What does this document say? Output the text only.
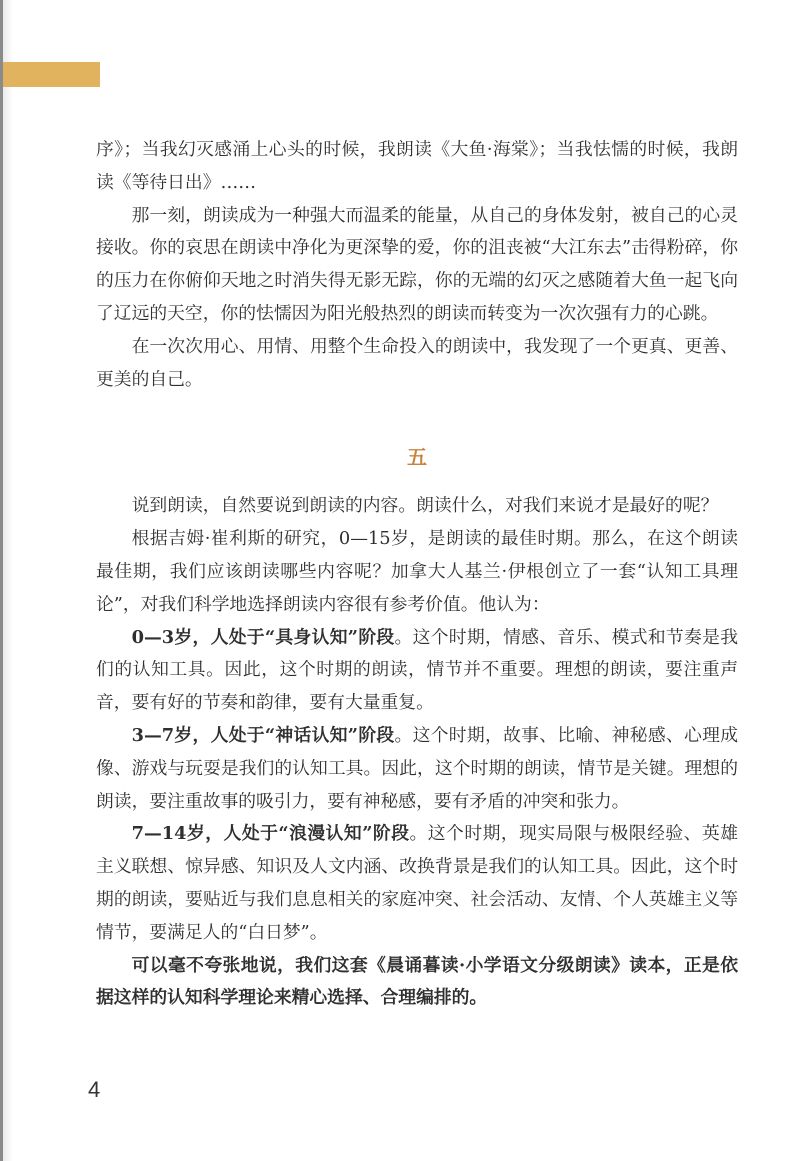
序》；当我幻灭感涌上心头的时候，我朗读《大鱼·海棠》；当我怯懦的时候，我朗读《等待日出》……

那一刻，朗读成为一种强大而温柔的能量，从自己的身体发射，被自己的心灵接收。你的哀思在朗读中净化为更深挚的爱，你的沮丧被“大江东去”击得粉碎，你的压力在你俯仰天地之时消失得无影无踪，你的无端的幻灭之感随着大鱼一起飞向了辽远的天空，你的怯懦因为阳光般热烈的朗读而转变为一次次强有力的心跳。

在一次次用心、用情、用整个生命投入的朗读中，我发现了一个更真、更善、更美的自己。

五

说到朗读，自然要说到朗读的内容。朗读什么，对我们来说才是最好的呢？

根据吉姆·崔利斯的研究，0—15岁，是朗读的最佳时期。那么，在这个朗读最佳期，我们应该朗读哪些内容呢？加拿大人基兰·伊根创立了一套“认知工具理论”，对我们科学地选择朗读内容很有参考价值。他认为：

0—3岁，人处于“具身认知”阶段。这个时期，情感、音乐、模式和节奏是我们的认知工具。因此，这个时期的朗读，情节并不重要。理想的朗读，要注重声音，要有好的节奏和韵律，要有大量重复。

3—7岁，人处于“神话认知”阶段。这个时期，故事、比喻、神秘感、心理成像、游戏与玩耍是我们的认知工具。因此，这个时期的朗读，情节是关键。理想的朗读，要注重故事的吸引力，要有神秘感，要有矛盾的冲突和张力。

7—14岁，人处于“浪漫认知”阶段。这个时期，现实局限与极限经验、英雄主义联想、惊异感、知识及人文内涵、改换背景是我们的认知工具。因此，这个时期的朗读，要贴近与我们息息相关的家庭冲突、社会活动、友情、个人英雄主义等情节，要满足人的“白日梦”。

可以毫不夸张地说，我们这套《晨诵暮读·小学语文分级朗读》读本，正是依据这样的认知科学理论来精心选择、合理编排的。

4
